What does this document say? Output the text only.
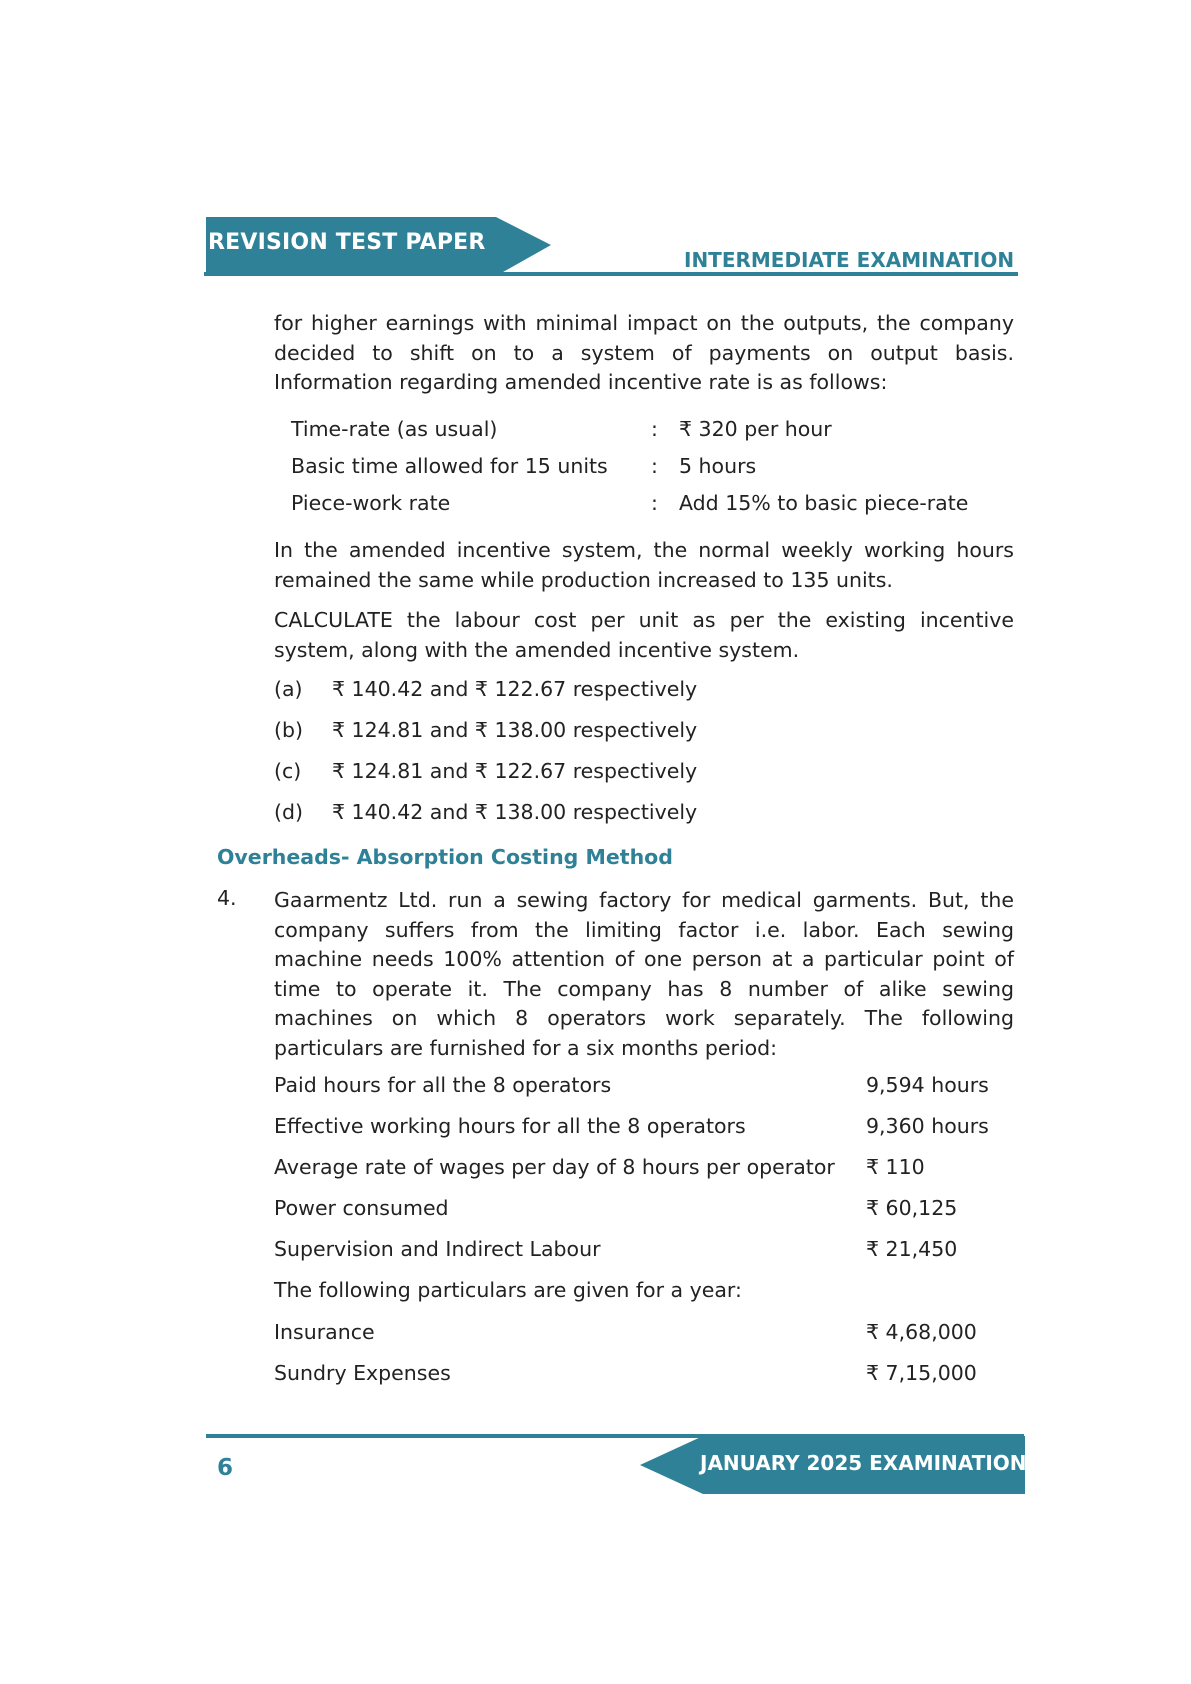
REVISION TEST PAPER
INTERMEDIATE EXAMINATION
for higher earnings with minimal impact on the outputs, the company decided to shift on to a system of payments on output basis. Information regarding amended incentive rate is as follows:
Time-rate (as usual)	: ₹ 320 per hour
Basic time allowed for 15 units : 5 hours
Piece-work rate	: Add 15% to basic piece-rate
In the amended incentive system, the normal weekly working hours remained the same while production increased to 135 units.
CALCULATE the labour cost per unit as per the existing incentive system, along with the amended incentive system.
(a) ₹ 140.42 and ₹ 122.67 respectively
(b) ₹ 124.81 and ₹ 138.00 respectively
(c) ₹ 124.81 and ₹ 122.67 respectively
(d) ₹ 140.42 and ₹ 138.00 respectively
Overheads- Absorption Costing Method
4. Gaarmentz Ltd. run a sewing factory for medical garments. But, the company suffers from the limiting factor i.e. labor. Each sewing machine needs 100% attention of one person at a particular point of time to operate it. The company has 8 number of alike sewing machines on which 8 operators work separately. The following particulars are furnished for a six months period:
Paid hours for all the 8 operators	9,594 hours
Effective working hours for all the 8 operators	9,360 hours
Average rate of wages per day of 8 hours per operator ₹ 110
Power consumed	₹ 60,125
Supervision and Indirect Labour	₹ 21,450
The following particulars are given for a year:
Insurance	₹ 4,68,000
Sundry Expenses	₹ 7,15,000
6	JANUARY 2025 EXAMINATION
